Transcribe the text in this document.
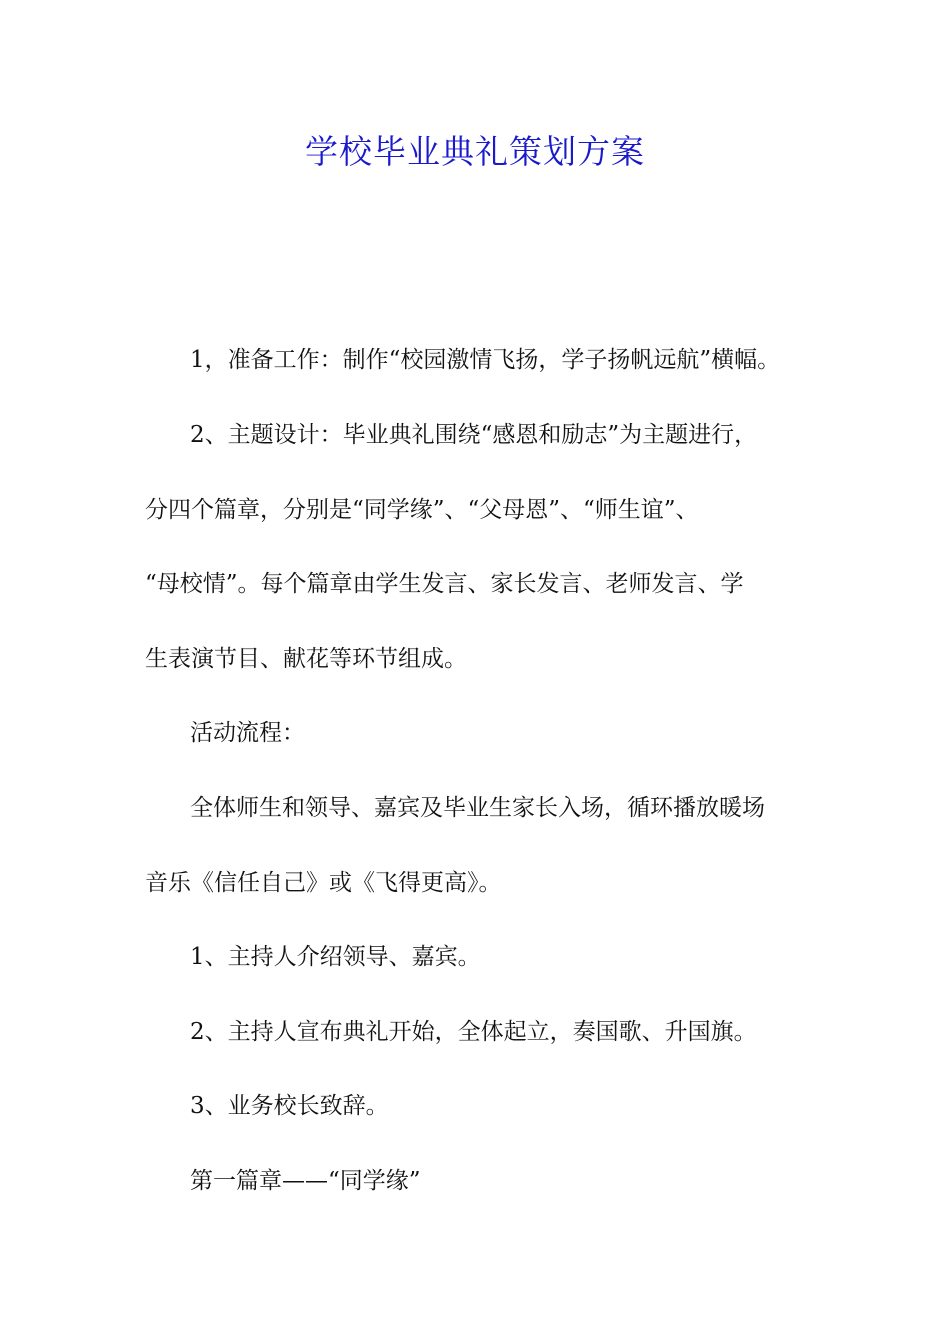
学校毕业典礼策划方案
1，准备工作：制作“校园激情飞扬，学子扬帆远航”横幅。
2、主题设计：毕业典礼围绕“感恩和励志”为主题进行，
分四个篇章，分别是“同学缘”、“父母恩”、“师生谊”、
“母校情”。每个篇章由学生发言、家长发言、老师发言、学
生表演节目、献花等环节组成。
活动流程：
全体师生和领导、嘉宾及毕业生家长入场，循环播放暖场
音乐《信任自己》或《飞得更高》。
1、主持人介绍领导、嘉宾。
2、主持人宣布典礼开始，全体起立，奏国歌、升国旗。
3、业务校长致辞。
第一篇章——“同学缘”
